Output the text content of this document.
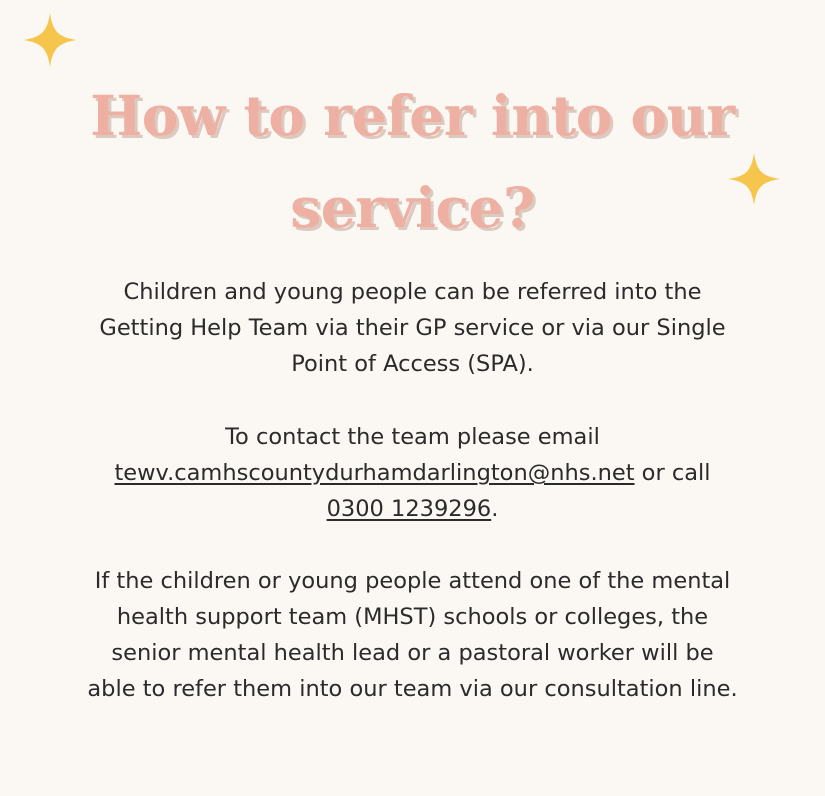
How to refer into our
service?
Children and young people can be referred into the
Getting Help Team via their GP service or via our Single
Point of Access (SPA).
To contact the team please email
tewv.camhscountydurhamdarlington@nhs.net or call
0300 1239296.
If the children or young people attend one of the mental
health support team (MHST) schools or colleges, the
senior mental health lead or a pastoral worker will be
able to refer them into our team via our consultation line.
